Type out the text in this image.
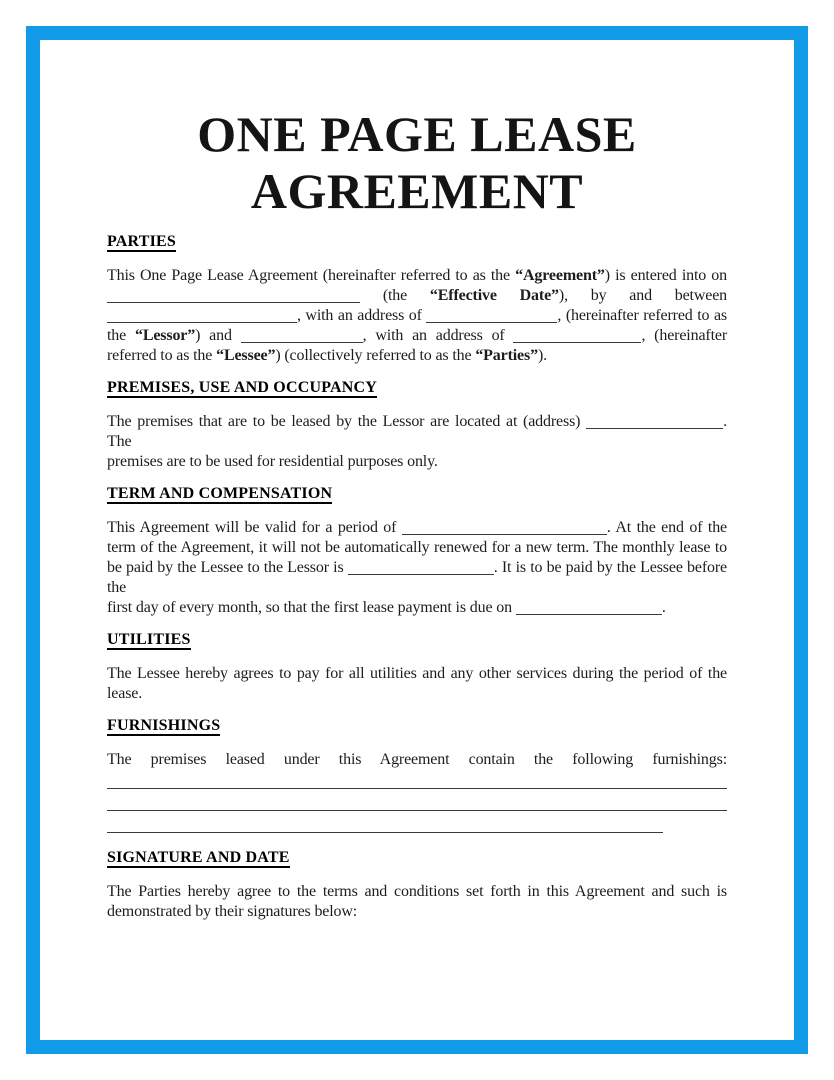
ONE PAGE LEASE
AGREEMENT
PARTIES
This One Page Lease Agreement (hereinafter referred to as the “Agreement”) is entered into on
(the “Effective Date”), by and between
, with an address of	, (hereinafter referred to as
the “Lessor”) and	, with an address of	, (hereinafter
referred to as the “Lessee”) (collectively referred to as the “Parties”).
PREMISES, USE AND OCCUPANCY
The premises that are to be leased by the Lessor are located at (address)	. The
premises are to be used for residential purposes only.
TERM AND COMPENSATION
This Agreement will be valid for a period of	. At the end of the
term of the Agreement, it will not be automatically renewed for a new term. The monthly lease to
be paid by the Lessee to the Lessor is	. It is to be paid by the Lessee before the
first day of every month, so that the first lease payment is due on	.
UTILITIES
The Lessee hereby agrees to pay for all utilities and any other services during the period of the
lease.
FURNISHINGS
The premises leased under this Agreement contain the following furnishings:
SIGNATURE AND DATE
The Parties hereby agree to the terms and conditions set forth in this Agreement and such is
demonstrated by their signatures below:
